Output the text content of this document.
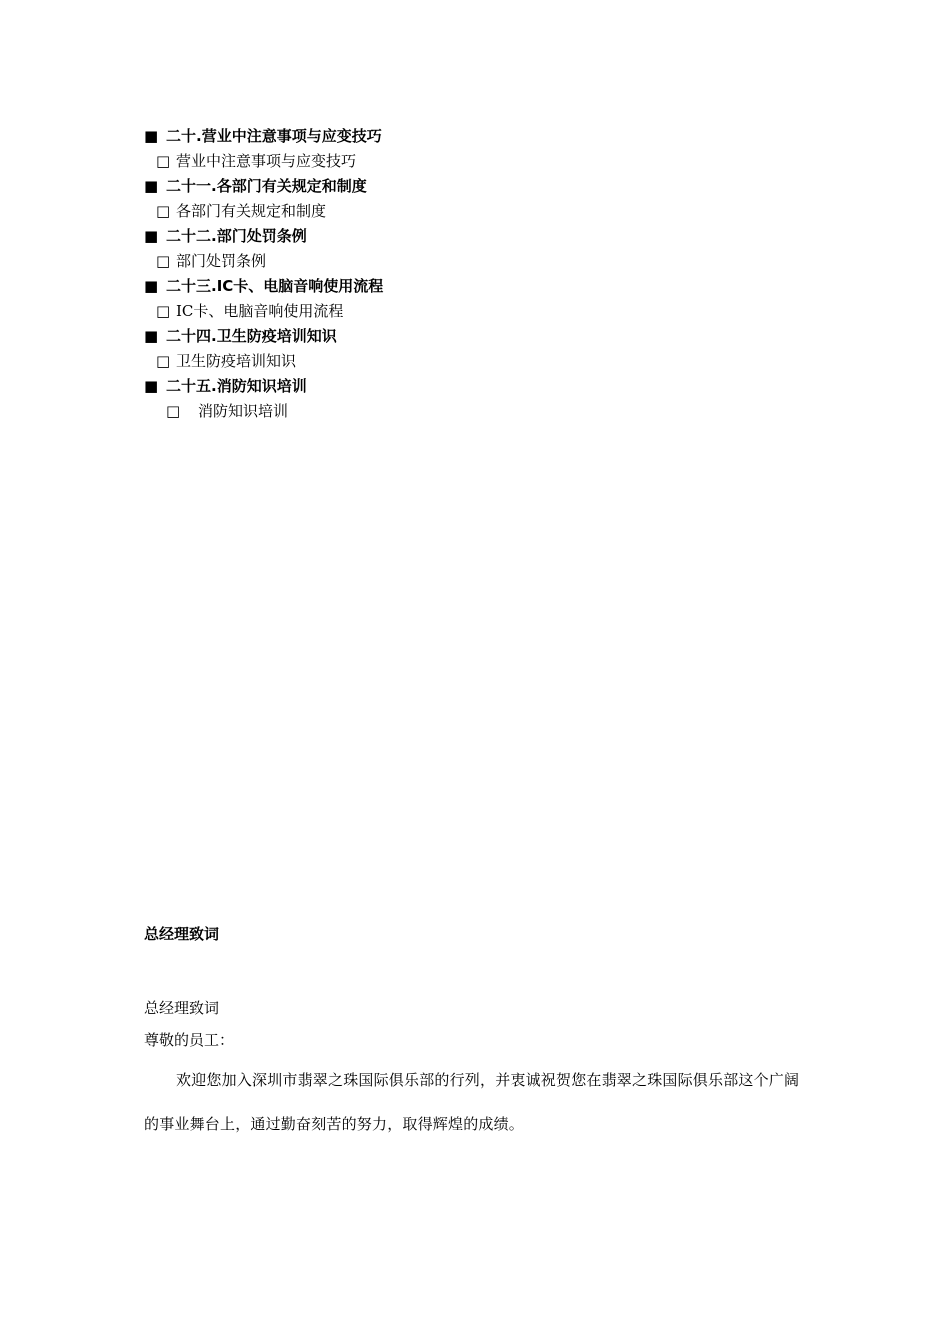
■ 二十.营业中注意事项与应变技巧
□ 营业中注意事项与应变技巧
■ 二十一.各部门有关规定和制度
□ 各部门有关规定和制度
■ 二十二.部门处罚条例
□ 部门处罚条例
■ 二十三.IC卡、电脑音响使用流程
□ IC卡、电脑音响使用流程
■ 二十四.卫生防疫培训知识
□ 卫生防疫培训知识
■ 二十五.消防知识培训
□ 消防知识培训
总经理致词

总经理致词

尊敬的员工：

欢迎您加入深圳市翡翠之珠国际俱乐部的行列，并衷诚祝贺您在翡翠之珠国际俱乐部这个广阔的事业舞台上，通过勤奋刻苦的努力，取得辉煌的成绩。
